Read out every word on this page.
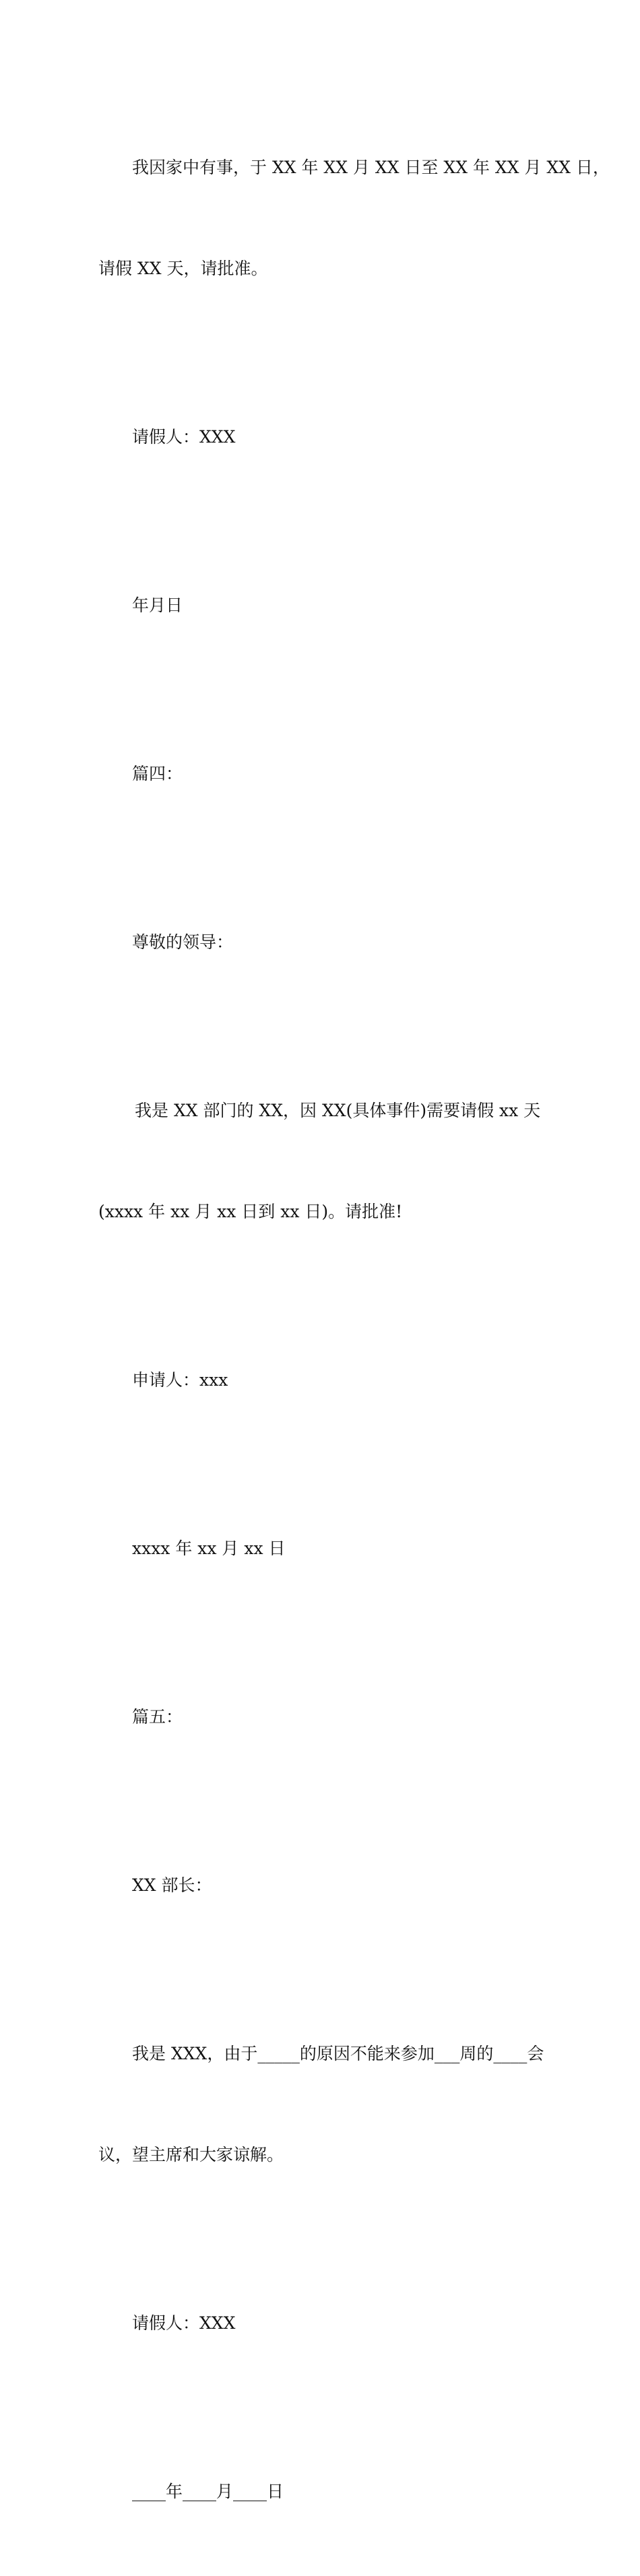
我因家中有事，于 XX 年 XX 月 XX 日至 XX 年 XX 月 XX 日，

请假 XX 天，请批准。

请假人：XXX

年月日

篇四：

尊敬的领导：

我是 XX 部门的 XX，因 XX(具体事件)需要请假 xx 天

(xxxx 年 xx 月 xx 日到 xx 日)。请批准!

申请人：xxx

xxxx 年 xx 月 xx 日

篇五：

XX 部长：

我是 XXX，由于_____的原因不能来参加___周的____会

议，望主席和大家谅解。

请假人：XXX

____年____月____日
